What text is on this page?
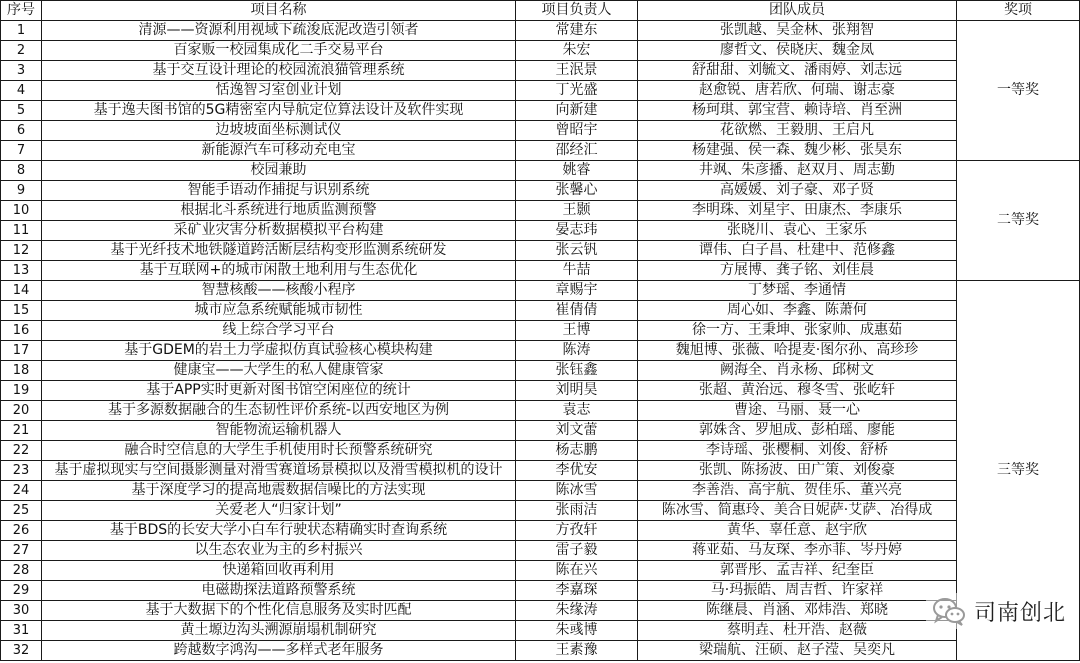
序号	项目名称	项目负责人	团队成员	奖项
1	清源——资源利用视域下疏浚底泥改造引领者	常建东	张凯越、吴金林、张翔智	一等奖
2	百家贩一校园集成化二手交易平台	朱宏	廖哲文、侯晓庆、魏金凤	
3	基于交互设计理论的校园流浪猫管理系统	王泯景	舒甜甜、刘毓文、潘雨婷、刘志远	
4	恬逸智习室创业计划	丁光盛	赵愈锐、唐若欣、何瑞、谢志豪	
5	基于逸夫图书馆的5G精密室内导航定位算法设计及软件实现	向新建	杨珂琪、郭宝营、赖诗培、肖至洲	
6	边坡坡面坐标测试仪	曾昭宇	花欲燃、王毅朋、王启凡	
7	新能源汽车可移动充电宝	邵经汇	杨建强、侯一森、魏少彬、张昊东	
8	校园兼助	姚睿	井飒、朱彦播、赵双月、周志勤	二等奖
9	智能手语动作捕捉与识别系统	张馨心	高媛媛、刘子豪、邓子贤	
10	根据北斗系统进行地质监测预警	王颢	李明珠、刘星宇、田康杰、李康乐	
11	采矿业灾害分析数据模拟平台构建	晏志玮	张晓川、袁心、王家乐	
12	基于光纤技术地铁隧道跨活断层结构变形监测系统研发	张云钒	谭伟、白子昌、杜建中、范修鑫	
13	基于互联网+的城市闲散土地利用与生态优化	牛喆	方展博、龚子铭、刘佳晨	
14	智慧核酸——核酸小程序	章赐宇	丁梦瑶、李通情	三等奖
15	城市应急系统赋能城市韧性	崔倩倩	周心如、李鑫、陈萧何	
16	线上综合学习平台	王博	徐一方、王秉坤、张家帅、成惠茹	
17	基于GDEM的岩土力学虚拟仿真试验核心模块构建	陈涛	魏旭博、张薇、哈提麦·图尔孙、高珍珍	
18	健康宝——大学生的私人健康管家	张钰鑫	阙海全、肖永杨、邱树文	
19	基于APP实时更新对图书馆空闲座位的统计	刘明昊	张超、黄治远、穆冬雪、张屹轩	
20	基于多源数据融合的生态韧性评价系统-以西安地区为例	袁志	曹途、马丽、聂一心	
21	智能物流运输机器人	刘文蕾	郭姝含、罗旭成、彭柏瑶、廖能	
22	融合时空信息的大学生手机使用时长预警系统研究	杨志鹏	李诗瑶、张樱桐、刘俊、舒桥	
23	基于虚拟现实与空间摄影测量对滑雪赛道场景模拟以及滑雪模拟机的设计	李优安	张凯、陈扬波、田广策、刘俊豪	
24	基于深度学习的提高地震数据信噪比的方法实现	陈冰雪	李善浩、高宇航、贺佳乐、董兴亮	
25	关爱老人“归家计划”	张雨洁	陈冰雪、简惠玲、美合日妮萨·艾萨、冶得成	
26	基于BDS的长安大学小白车行驶状态精确实时查询系统	方孜轩	黄华、辜任意、赵宇欣	
27	以生态农业为主的乡村振兴	雷子毅	蒋亚茹、马友琛、李亦菲、岑丹婷	
28	快递箱回收再利用	陈在兴	郭晋彤、孟吉祥、纪奎臣	
29	电磁勘探法道路预警系统	李嘉琛	马·玛振皓、周吉哲、许家祥	
30	基于大数据下的个性化信息服务及实时匹配	朱缘涛	陈继晨、肖涵、邓炜浩、郑晓	
31	黄土塬边沟头溯源崩塌机制研究	朱彧博	蔡明垚、杜开浩、赵薇	
32	跨越数字鸿沟——多样式老年服务	王素豫	梁瑞航、汪硕、赵子滢、吴奕凡	
司南创北
